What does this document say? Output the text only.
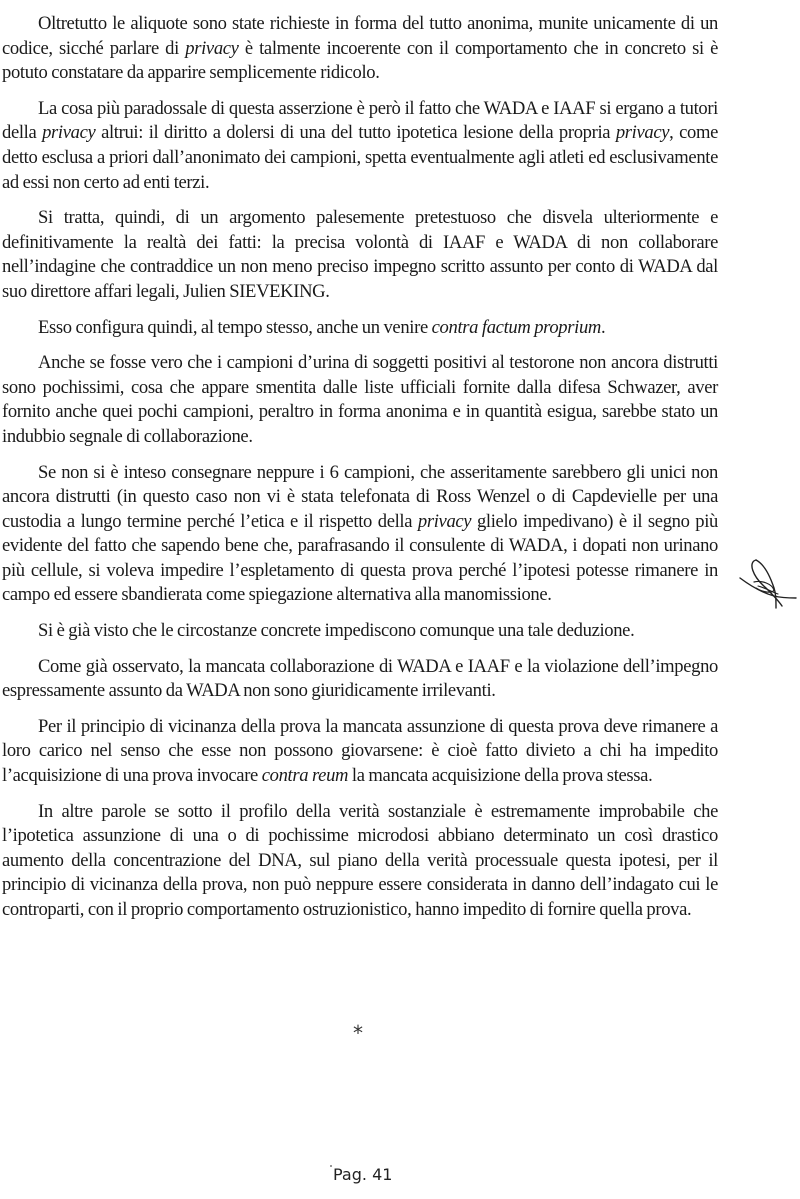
Oltretutto le aliquote sono state richieste in forma del tutto anonima, munite unicamente di un codice, sicché parlare di privacy è talmente incoerente con il comportamento che in concreto si è potuto constatare da apparire semplicemente ridicolo.

La cosa più paradossale di questa asserzione è però il fatto che WADA e IAAF si ergano a tutori della privacy altrui: il diritto a dolersi di una del tutto ipotetica lesione della propria privacy, come detto esclusa a priori dall’anonimato dei campioni, spetta eventualmente agli atleti ed esclusivamente ad essi non certo ad enti terzi.

Si tratta, quindi, di un argomento palesemente pretestuoso che disvela ulteriormente e definitivamente la realtà dei fatti: la precisa volontà di IAAF e WADA di non collaborare nell’indagine che contraddice un non meno preciso impegno scritto assunto per conto di WADA dal suo direttore affari legali, Julien SIEVEKING.

Esso configura quindi, al tempo stesso, anche un venire contra factum proprium.

Anche se fosse vero che i campioni d’urina di soggetti positivi al testorone non ancora distrutti sono pochissimi, cosa che appare smentita dalle liste ufficiali fornite dalla difesa Schwazer, aver fornito anche quei pochi campioni, peraltro in forma anonima e in quantità esigua, sarebbe stato un indubbio segnale di collaborazione.

Se non si è inteso consegnare neppure i 6 campioni, che asseritamente sarebbero gli unici non ancora distrutti (in questo caso non vi è stata telefonata di Ross Wenzel o di Capdevielle per una custodia a lungo termine perché l’etica e il rispetto della privacy glielo impedivano) è il segno più evidente del fatto che sapendo bene che, parafrasando il consulente di WADA, i dopati non urinano più cellule, si voleva impedire l’espletamento di questa prova perché l’ipotesi potesse rimanere in campo ed essere sbandierata come spiegazione alternativa alla manomissione.

Si è già visto che le circostanze concrete impediscono comunque una tale deduzione.

Come già osservato, la mancata collaborazione di WADA e IAAF e la violazione dell’impegno espressamente assunto da WADA non sono giuridicamente irrilevanti.

Per il principio di vicinanza della prova la mancata assunzione di questa prova deve rimanere a loro carico nel senso che esse non possono giovarsene: è cioè fatto divieto a chi ha impedito l’acquisizione di una prova invocare contra reum la mancata acquisizione della prova stessa.

In altre parole se sotto il profilo della verità sostanziale è estremamente improbabile che l’ipotetica assunzione di una o di pochissime microdosi abbiano determinato un così drastico aumento della concentrazione del DNA, sul piano della verità processuale questa ipotesi, per il principio di vicinanza della prova, non può neppure essere considerata in danno dell’indagato cui le controparti, con il proprio comportamento ostruzionistico, hanno impedito di fornire quella prova.

*
Pag. 41
